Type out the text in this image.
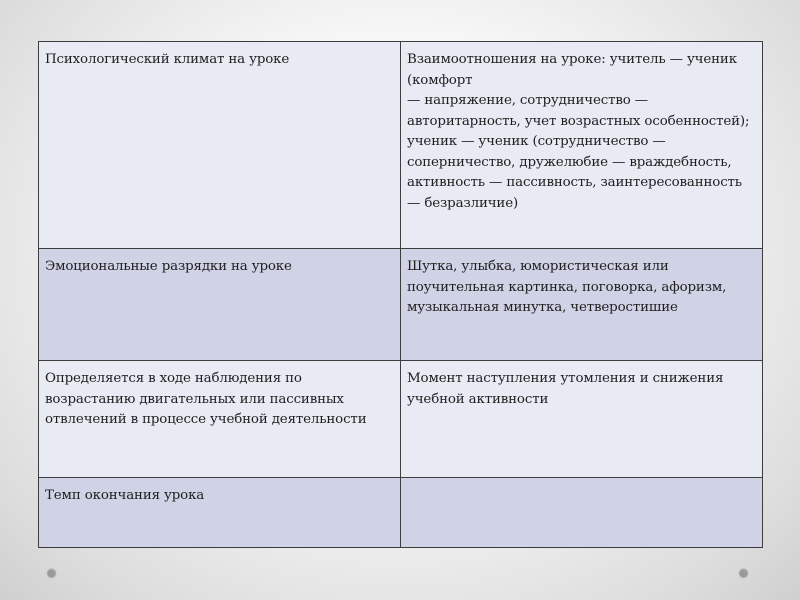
Психологический климат на уроке	Взаимоотношения на уроке: учитель — ученик (комфорт
— напряжение, сотрудничество — авторитарность, учет возрастных особенностей); ученик — ученик (сотрудничество — соперничество, дружелюбие — враждебность, активность — пассивность, заинтересованность — безразличие)
Эмоциональные разрядки на уроке	Шутка, улыбка, юмористическая или поучительная картинка, поговорка, афоризм, музыкальная минутка, четверостишие
Определяется в ходе наблюдения по возрастанию двигательных или пассивных отвлечений в процессе учебной деятельности	Момент наступления утомления и снижения учебной активности
Темп окончания урока	
